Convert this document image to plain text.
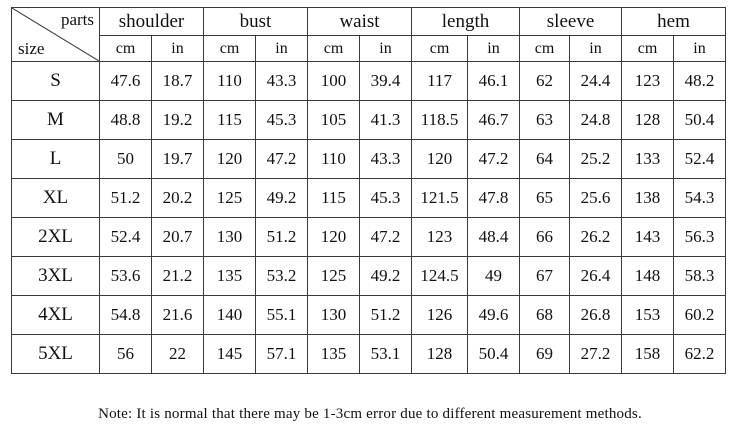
parts
size	shoulder		bust		waist		length		sleeve		hem	
	cm	in	cm	in	cm	in	cm	in	cm	in	cm	in
S	47.6	18.7	110	43.3	100	39.4	117	46.1	62	24.4	123	48.2
M	48.8	19.2	115	45.3	105	41.3	118.5	46.7	63	24.8	128	50.4
L	50	19.7	120	47.2	110	43.3	120	47.2	64	25.2	133	52.4
XL	51.2	20.2	125	49.2	115	45.3	121.5	47.8	65	25.6	138	54.3
2XL	52.4	20.7	130	51.2	120	47.2	123	48.4	66	26.2	143	56.3
3XL	53.6	21.2	135	53.2	125	49.2	124.5	49	67	26.4	148	58.3
4XL	54.8	21.6	140	55.1	130	51.2	126	49.6	68	26.8	153	60.2
5XL	56	22	145	57.1	135	53.1	128	50.4	69	27.2	158	62.2
Note: It is normal that there may be 1-3cm error due to different measurement methods.
